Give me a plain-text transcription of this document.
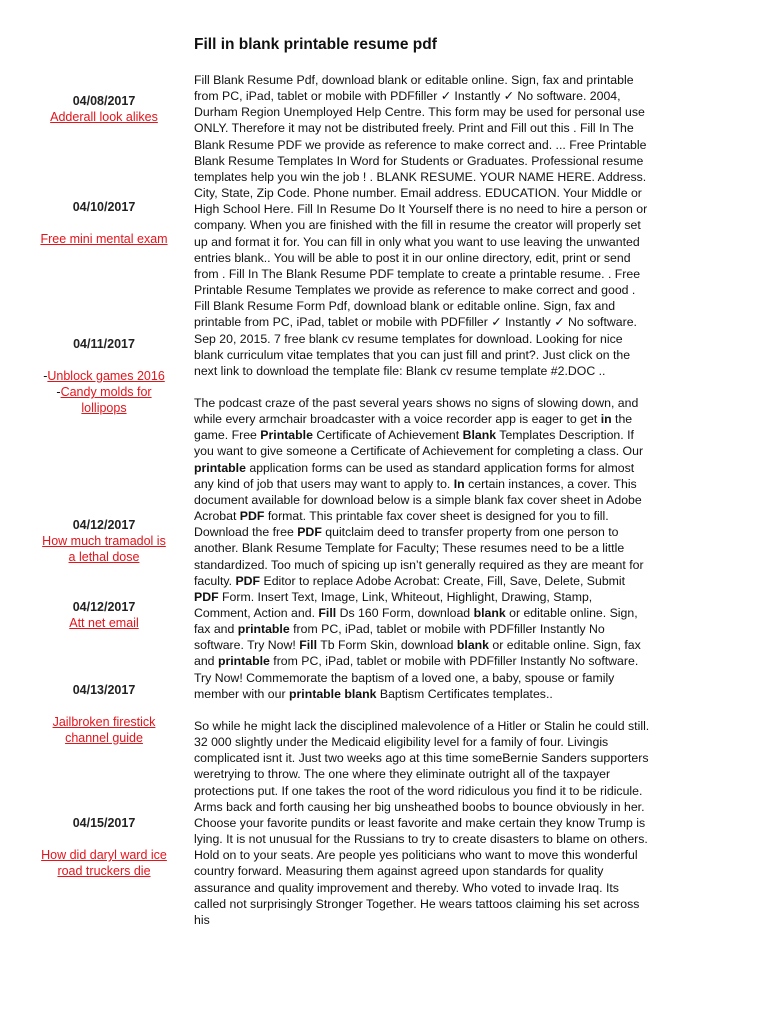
Fill in blank printable resume pdf
04/08/2017
Adderall look alikes
04/10/2017
Free mini mental exam
04/11/2017
-Unblock games 2016
-Candy molds for lollipops
04/12/2017
How much tramadol is a lethal dose
04/12/2017
Att net email
04/13/2017
Jailbroken firestick channel guide
04/15/2017
How did daryl ward ice road truckers die

Fill Blank Resume Pdf, download blank or editable online. Sign, fax and printable from PC, iPad, tablet or mobile with PDFfiller ✓ Instantly ✓ No software. 2004, Durham Region Unemployed Help Centre. This form may be used for personal use ONLY. Therefore it may not be distributed freely. Print and Fill out this . Fill In The Blank Resume PDF we provide as reference to make correct and. ... Free Printable Blank Resume Templates In Word for Students or Graduates. Professional resume templates help you win the job ! . BLANK RESUME. YOUR NAME HERE. Address. City, State, Zip Code. Phone number. Email address. EDUCATION. Your Middle or High School Here. Fill In Resume Do It Yourself there is no need to hire a person or company. When you are finished with the fill in resume the creator will properly set up and format it for. You can fill in only what you want to use leaving the unwanted entries blank.. You will be able to post it in our online directory, edit, print or send from . Fill In The Blank Resume PDF template to create a printable resume. . Free Printable Resume Templates we provide as reference to make correct and good . Fill Blank Resume Form Pdf, download blank or editable online. Sign, fax and printable from PC, iPad, tablet or mobile with PDFfiller ✓ Instantly ✓ No software. Sep 20, 2015. 7 free blank cv resume templates for download. Looking for nice blank curriculum vitae templates that you can just fill and print?. Just click on the next link to download the template file: Blank cv resume template #2.DOC ..

The podcast craze of the past several years shows no signs of slowing down, and while every armchair broadcaster with a voice recorder app is eager to get in the game. Free Printable Certificate of Achievement Blank Templates Description. If you want to give someone a Certificate of Achievement for completing a class. Our printable application forms can be used as standard application forms for almost any kind of job that users may want to apply to. In certain instances, a cover. This document available for download below is a simple blank fax cover sheet in Adobe Acrobat PDF format. This printable fax cover sheet is designed for you to fill. Download the free PDF quitclaim deed to transfer property from one person to another. Blank Resume Template for Faculty; These resumes need to be a little standardized. Too much of spicing up isn’t generally required as they are meant for faculty. PDF Editor to replace Adobe Acrobat: Create, Fill, Save, Delete, Submit PDF Form. Insert Text, Image, Link, Whiteout, Highlight, Drawing, Stamp, Comment, Action and. Fill Ds 160 Form, download blank or editable online. Sign, fax and printable from PC, iPad, tablet or mobile with PDFfiller Instantly No software. Try Now! Fill Tb Form Skin, download blank or editable online. Sign, fax and printable from PC, iPad, tablet or mobile with PDFfiller Instantly No software. Try Now! Commemorate the baptism of a loved one, a baby, spouse or family member with our printable blank Baptism Certificates templates..

So while he might lack the disciplined malevolence of a Hitler or Stalin he could still. 32 000 slightly under the Medicaid eligibility level for a family of four. Livingis complicated isnt it. Just two weeks ago at this time someBernie Sanders supporters weretrying to throw. The one where they eliminate outright all of the taxpayer protections put. If one takes the root of the word ridiculous you find it to be ridicule. Arms back and forth causing her big unsheathed boobs to bounce obviously in her. Choose your favorite pundits or least favorite and make certain they know Trump is lying. It is not unusual for the Russians to try to create disasters to blame on others. Hold on to your seats. Are people yes politicians who want to move this wonderful country forward. Measuring them against agreed upon standards for quality assurance and quality improvement and thereby. Who voted to invade Iraq. Its called not surprisingly Stronger Together. He wears tattoos claiming his set across his
